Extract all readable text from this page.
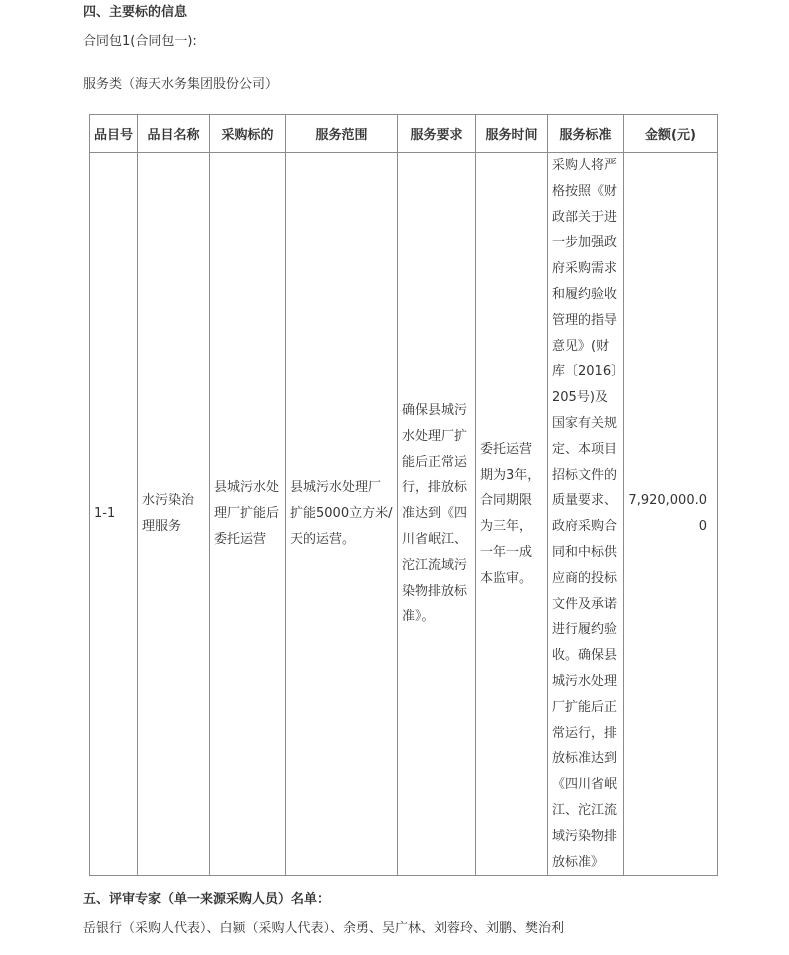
四、主要标的信息
合同包1(合同包一):
服务类（海天水务集团股份公司）
品目号	品目名称	采购标的	服务范围	服务要求	服务时间	服务标准	金额(元)
1-1	水污染治理服务	县城污水处理厂扩能后委托运营	县城污水处理厂扩能5000立方米/天的运营。	确保县城污水处理厂扩能后正常运行，排放标准达到《四川省岷江、沱江流域污染物排放标准》。	委托运营期为3年，合同期限为三年，一年一成本监审。	采购人将严格按照《财政部关于进一步加强政府采购需求和履约验收管理的指导意见》(财库〔2016〕205号)及国家有关规定、本项目招标文件的质量要求、政府采购合同和中标供应商的投标文件及承诺进行履约验收。确保县城污水处理厂扩能后正常运行，排放标准达到《四川省岷江、沱江流域污染物排放标准》	7,920,000.00
五、评审专家（单一来源采购人员）名单：
岳银行（采购人代表）、白颍（采购人代表）、余勇、吴广林、刘蓉玲、刘鹏、樊治利
